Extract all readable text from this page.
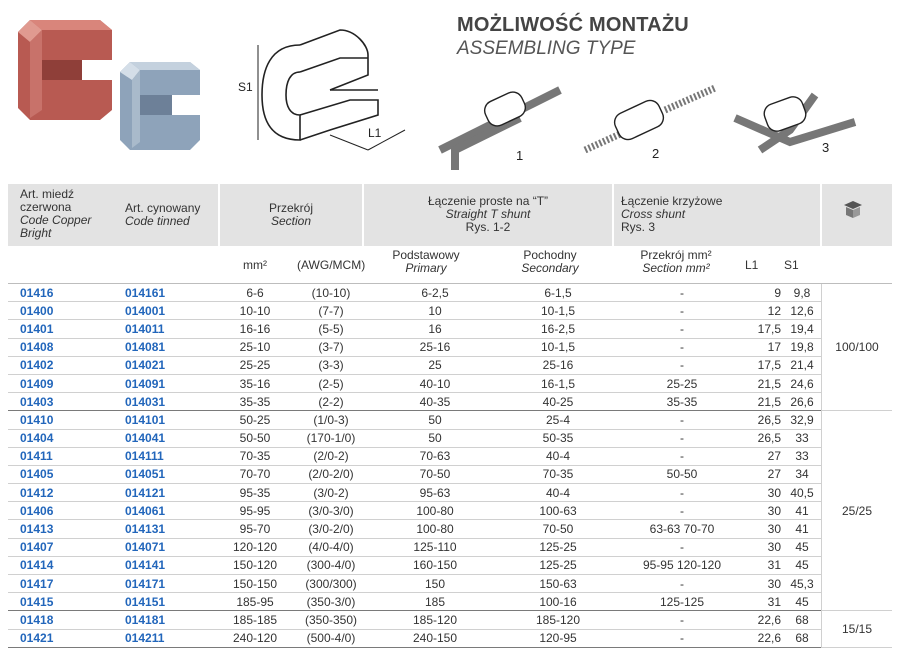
S1
L1
1	2	3
MOŻLIWOŚĆ MONTAŻU
ASSEMBLING TYPE
Art. miedź
czerwona
Code Copper
Bright
Art. cynowany
Code tinned
Przekrój
Section
Łączenie proste na “T”
Straight T shunt
Rys. 1-2
Łączenie krzyżowe
Cross shunt
Rys. 3
mm²	(AWG/MCM)
Podstawowy
Primary
Pochodny
Secondary
Przekrój mm²
Section mm²	L1 S1
01416	014161	6-6	(10-10)	6-2,5	6-1,5	-	9	9,8	100/100
01400	014001	10-10	(7-7)	10	10-1,5	-	12	12,6	
01401	014011	16-16	(5-5)	16	16-2,5	-	17,5	19,4	
01408	014081	25-10	(3-7)	25-16	10-1,5	-	17	19,8	
01402	014021	25-25	(3-3)	25	25-16	-	17,5	21,4	
01409	014091	35-16	(2-5)	40-10	16-1,5	25-25	21,5	24,6	
01403	014031	35-35	(2-2)	40-35	40-25	35-35	21,5	26,6	
01410	014101	50-25	(1/0-3)	50	25-4	-	26,5	32,9	25/25
01404	014041	50-50	(170-1/0)	50	50-35	-	26,5	33	
01411	014111	70-35	(2/0-2)	70-63	40-4	-	27	33	
01405	014051	70-70	(2/0-2/0)	70-50	70-35	50-50	27	34	
01412	014121	95-35	(3/0-2)	95-63	40-4	-	30	40,5	
01406	014061	95-95	(3/0-3/0)	100-80	100-63	-	30	41	
01413	014131	95-70	(3/0-2/0)	100-80	70-50	63-63 70-70	30	41	
01407	014071	120-120	(4/0-4/0)	125-110	125-25	-	30	45	
01414	014141	150-120	(300-4/0)	160-150	125-25	95-95 120-120	31	45	
01417	014171	150-150	(300/300)	150	150-63	-	30	45,3	
01415	014151	185-95	(350-3/0)	185	100-16	125-125	31	45	
01418	014181	185-185	(350-350)	185-120	185-120	-	22,6	68	15/15
01421	014211	240-120	(500-4/0)	240-150	120-95	-	22,6	68	
